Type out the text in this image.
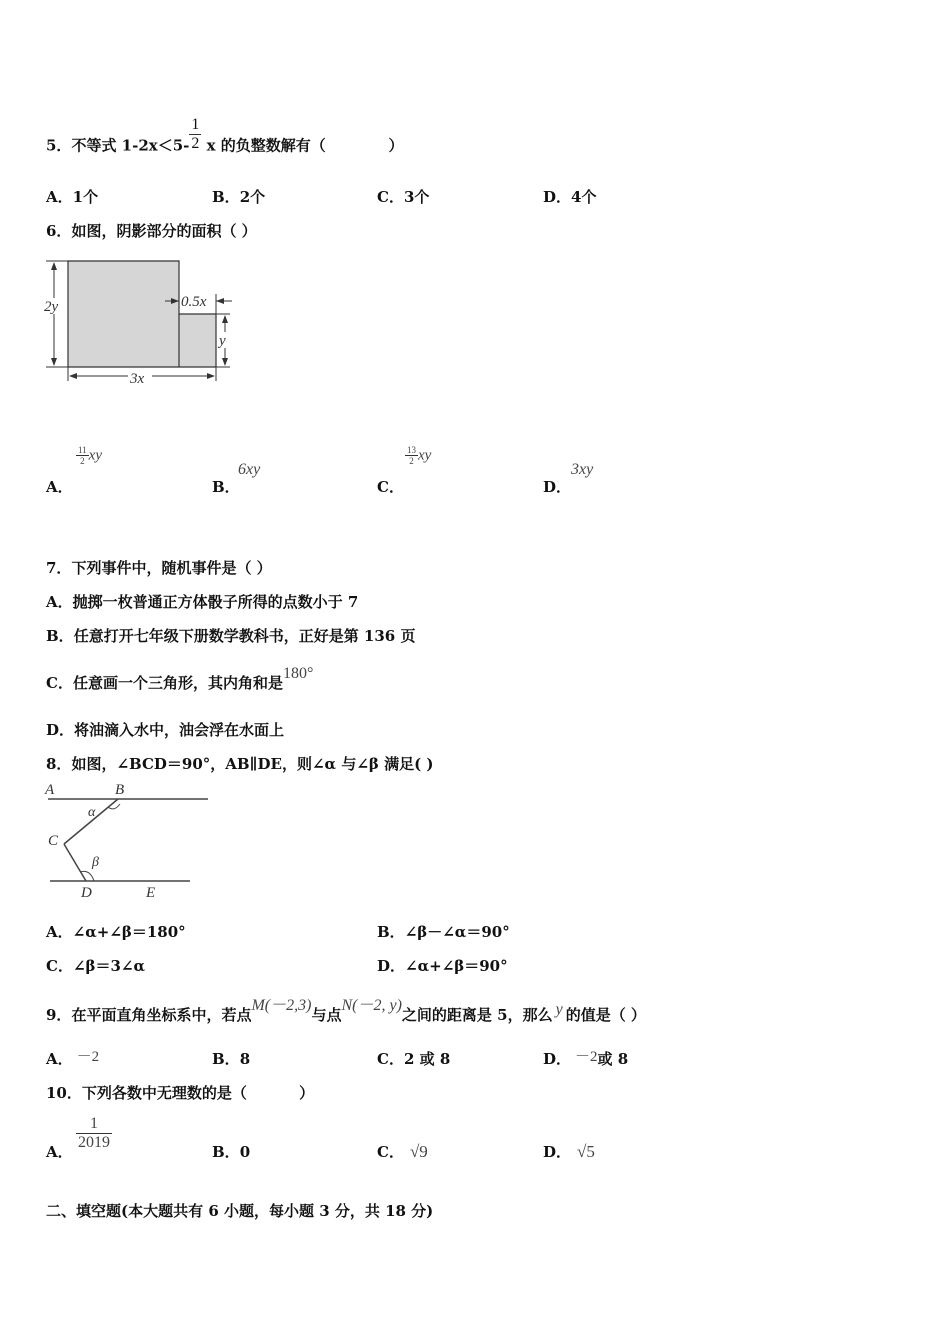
5．不等式 $1-2x<5- \frac{1}{2}$ x 的负整数解有（	）
A．1个	B．2个	C．3个	D．4个
6．如图，阴影部分的面积（ ）
2y	0.5x
y
3x
A．
$\frac{11}{2}$ xy
B．
6xy
C．
$\frac{13}{2}$ xy
D．
3xy
7．下列事件中，随机事件是（ ）
A．抛掷一枚普通正方体骰子所得的点数小于 7
B．任意打开七年级下册数学教科书，正好是第 136 页
C．任意画一个三角形，其内角和是180°
D．将油滴入水中，油会浮在水面上
8．如图，∠BCD＝90°，AB∥DE，则∠α 与∠β 满足( )
A	B
C
D	E
α
β
A．∠α+∠β＝180°	B．∠β－∠α＝90°
C．∠β＝3∠α	D．∠α+∠β＝90°
9．在平面直角坐标系中，若点M(－2,3)与点N(－2, y)之间的距离是 5，那么 y 的值是（ ）
A． －2	B．8	C．2 或 8	D． －2或 8
10．下列各数中无理数的是（	）
A． $\frac{1}{2019}$	B．0	C． √9	D． √5
二、填空题(本大题共有 6 小题，每小题 3 分，共 18 分)
